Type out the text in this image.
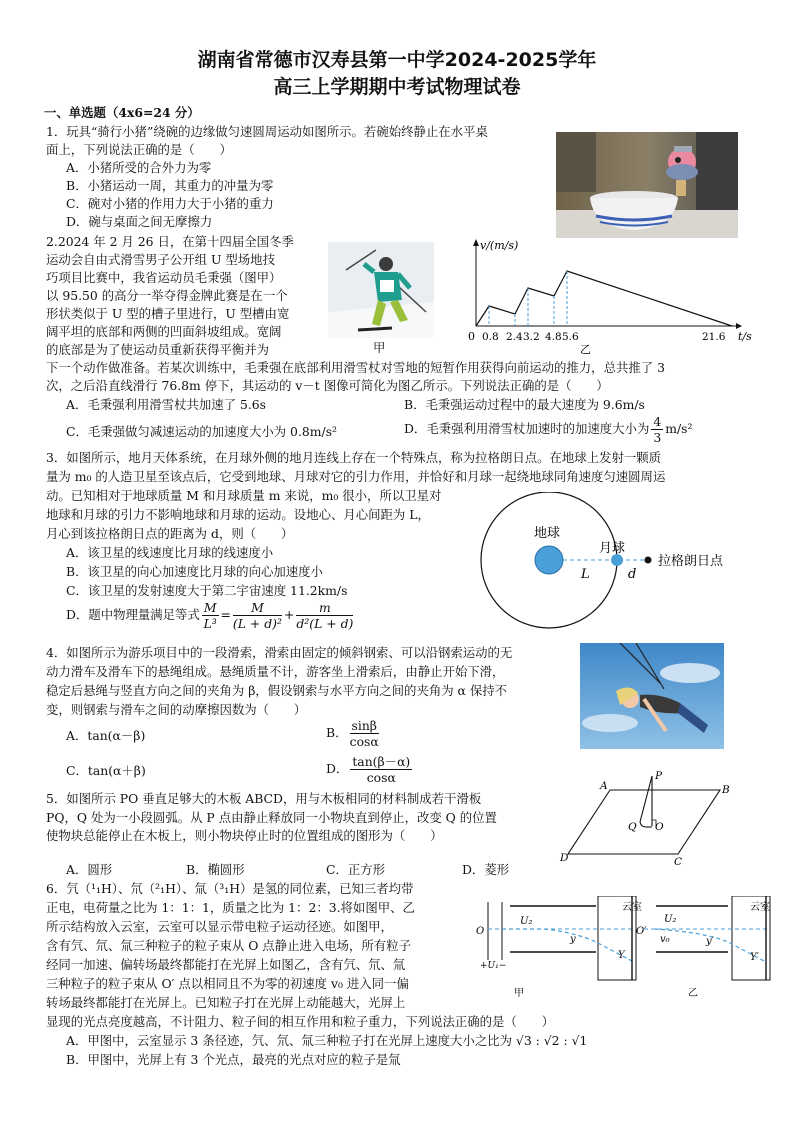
湖南省常德市汉寿县第一中学2024-2025学年
高三上学期期中考试物理试卷
一、单选题（4x6=24 分）
1．玩具“骑行小猪”绕碗的边缘做匀速圆周运动如图所示。若碗始终静止在水平桌
面上，下列说法正确的是（　　）
A．小猪所受的合外力为零
B．小猪运动一周，其重力的冲量为零
C．碗对小猪的作用力大于小猪的重力
D．碗与桌面之间无摩擦力
2.2024 年 2 月 26 日，在第十四届全国冬季
运动会自由式滑雪男子公开组 U 型场地技
巧项目比赛中，我省运动员毛秉强（图甲）
以 95.50 的高分一举夺得金牌此赛是在一个
形状类似于 U 型的槽子里进行，U 型槽由宽
阔平坦的底部和两侧的凹面斜坡组成。宽阔
的底部是为了使运动员重新获得平衡并为
下一个动作做准备。若某次训练中，毛秉强在底部利用滑雪杖对雪地的短暂作用获得向前运动的推力，总共推了 3
次，之后沿直线滑行 76.8m 停下，其运动的 v－t 图像可简化为图乙所示。下列说法正确的是（　　）
A．毛秉强利用滑雪杖共加速了 5.6s	B．毛秉强运动过程中的最大速度为 9.6m/s
C．毛秉强做匀减速运动的加速度大小为 0.8m/s²	D．毛秉强利用滑雪杖加速时的加速度大小为 $\frac{4}{3} m/s^2$
甲
v/(m/s)
t/s
0 0.8 2.4 3.2 4.8 5.6	21.6
乙
3．如图所示，地月天体系统，在月球外侧的地月连线上存在一个特殊点，称为拉格朗日点。在地球上发射一颗质
量为 m₀ 的人造卫星至该点后，它受到地球、月球对它的引力作用，并恰好和月球一起绕地球同角速度匀速圆周运
动。已知相对于地球质量 M 和月球质量 m 来说，m₀ 很小，所以卫星对
地球和月球的引力不影响地球和月球的运动。设地心、月心间距为 L，
月心到该拉格朗日点的距离为 d，则（　　）
A．该卫星的线速度比月球的线速度小
B．该卫星的向心加速度比月球的向心加速度小
C．该卫星的发射速度大于第二宇宙速度 11.2km/s
D．题中物理量满足等式 $\frac{M}{\text{L³}} = \frac{M}{\text{(L + d)²}} + \frac{m}{\text{d²(L + d)}}$
地球
月球
L	d
拉格朗日点
4．如图所示为游乐项目中的一段滑索，滑索由固定的倾斜钢索、可以沿钢索运动的无
动力滑车及滑车下的悬绳组成。悬绳质量不计，游客坐上滑索后，由静止开始下滑，
稳定后悬绳与竖直方向之间的夹角为 β，假设钢索与水平方向之间的夹角为 α 保持不
变，则钢索与滑车之间的动摩擦因数为（　　）
A．tan(α－β)	B． $\frac{\sin\beta}{\cos\alpha}$
C．tan(α＋β)	D． $\frac{\tan(\beta-\alpha)}{\cos\alpha}$
5．如图所示 PO 垂直足够大的木板 ABCD，用与木板相同的材料制成若干滑板
PQ，Q 处为一小段圆弧。从 P 点由静止释放同一小物块直到停止，改变 Q 的位置
使物块总能停止在木板上，则小物块停止时的位置组成的图形为（　　）
A．圆形	B．椭圆形	C．正方形	D．菱形
A	B
C
D
P
Q O
6．氕（¹₁H）、氘（²₁H）、氚（³₁H）是氢的同位素，已知三者均带
正电，电荷量之比为 1：1：1，质量之比为 1：2：3.将如图甲、乙
所示结构放入云室，云室可以显示带电粒子运动径迹。如图甲，
含有氕、氘、氚三种粒子的粒子束从 O 点静止进入电场，所有粒子
经同一加速、偏转场最终都能打在光屏上如图乙，含有氕、氘、氚
三种粒子的粒子束从 O′ 点以相同且不为零的初速度 v₀ 进入同一偏
转场最终都能打在光屏上。已知粒子打在光屏上动能越大，光屏上
显现的光点亮度越高，不计阻力、粒子间的相互作用和粒子重力，下列说法正确的是（　　）
A．甲图中，云室显示 3 条径迹，氕、氘、氚三种粒子打在光屏上速度大小之比为 √3 : √2 : √1
B．甲图中，光屏上有 3 个光点，最亮的光点对应的粒子是氚
O
U₂
+U₁−
y
Y
云室
甲
O′
v₀
U₂
y′
Y′
云室
乙
